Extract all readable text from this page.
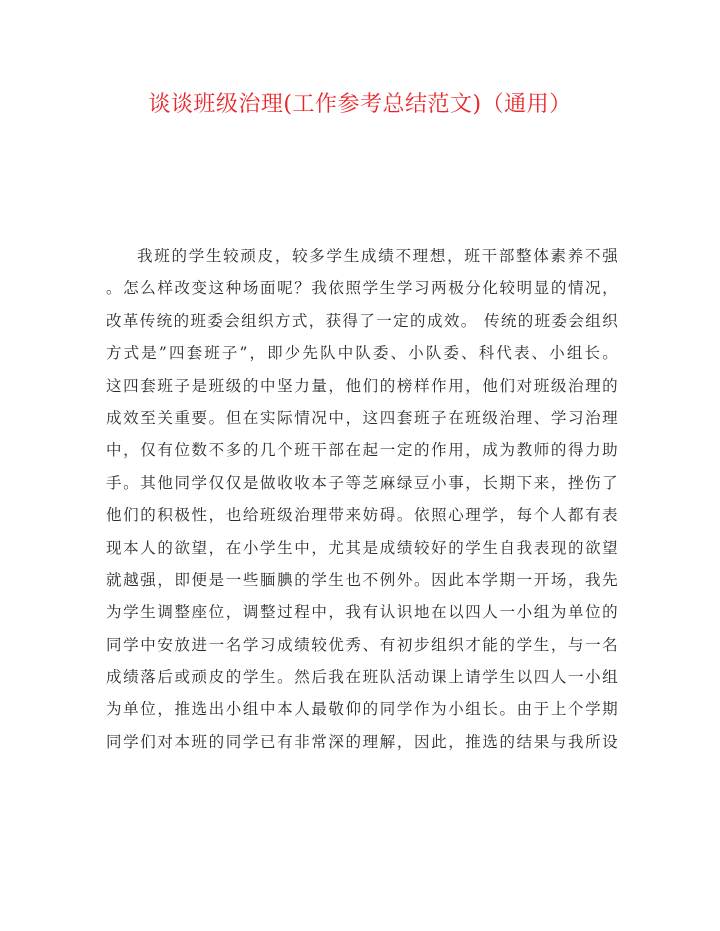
谈谈班级治理(工作参考总结范文)（通用）
我班的学生较顽皮，较多学生成绩不理想，班干部整体素养不强
。怎么样改变这种场面呢？我依照学生学习两极分化较明显的情况，
改革传统的班委会组织方式，获得了一定的成效。 传统的班委会组织
方式是”四套班子”，即少先队中队委、小队委、科代表、小组长。
这四套班子是班级的中坚力量，他们的榜样作用，他们对班级治理的
成效至关重要。但在实际情况中，这四套班子在班级治理、学习治理
中，仅有位数不多的几个班干部在起一定的作用，成为教师的得力助
手。其他同学仅仅是做收收本子等芝麻绿豆小事，长期下来，挫伤了
他们的积极性，也给班级治理带来妨碍。依照心理学，每个人都有表
现本人的欲望，在小学生中，尤其是成绩较好的学生自我表现的欲望
就越强，即便是一些腼腆的学生也不例外。因此本学期一开场，我先
为学生调整座位，调整过程中，我有认识地在以四人一小组为单位的
同学中安放进一名学习成绩较优秀、有初步组织才能的学生，与一名
成绩落后或顽皮的学生。然后我在班队活动课上请学生以四人一小组
为单位，推选出小组中本人最敬仰的同学作为小组长。由于上个学期
同学们对本班的同学已有非常深的理解，因此，推选的结果与我所设
